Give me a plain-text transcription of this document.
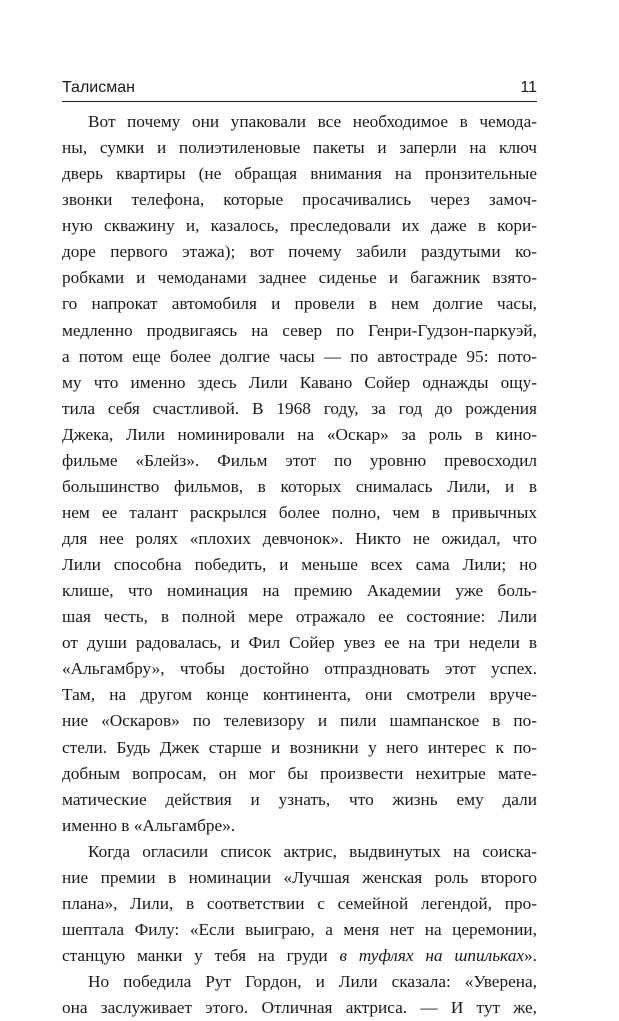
Талисман	11
Вот почему они упаковали все необходимое в чемода-
ны, сумки и полиэтиленовые пакеты и заперли на ключ
дверь квартиры (не обращая внимания на пронзительные
звонки телефона, которые просачивались через замоч-
ную скважину и, казалось, преследовали их даже в кори-
доре первого этажа); вот почему забили раздутыми ко-
робками и чемоданами заднее сиденье и багажник взято-
го напрокат автомобиля и провели в нем долгие часы,
медленно продвигаясь на север по Генри-Гудзон-паркуэй,
а потом еще более долгие часы — по автостраде 95: пото-
му что именно здесь Лили Кавано Сойер однажды ощу-
тила себя счастливой. В 1968 году, за год до рождения
Джека, Лили номинировали на «Оскар» за роль в кино-
фильме «Блейз». Фильм этот по уровню превосходил
большинство фильмов, в которых снималась Лили, и в
нем ее талант раскрылся более полно, чем в привычных
для нее ролях «плохих девчонок». Никто не ожидал, что
Лили способна победить, и меньше всех сама Лили; но
клише, что номинация на премию Академии уже боль-
шая честь, в полной мере отражало ее состояние: Лили
от души радовалась, и Фил Сойер увез ее на три недели в
«Альгамбру», чтобы достойно отпраздновать этот успех.
Там, на другом конце континента, они смотрели вруче-
ние «Оскаров» по телевизору и пили шампанское в по-
стели. Будь Джек старше и возникни у него интерес к по-
добным вопросам, он мог бы произвести нехитрые мате-
матические действия и узнать, что жизнь ему дали
именно в «Альгамбре».
Когда огласили список актрис, выдвинутых на соиска-
ние премии в номинации «Лучшая женская роль второго
плана», Лили, в соответствии с семейной легендой, про-
шептала Филу: «Если выиграю, а меня нет на церемонии,
станцую манки у тебя на груди в туфлях на шпильках».
Но победила Рут Гордон, и Лили сказала: «Уверена,
она заслуживает этого. Отличная актриса. — И тут же,
